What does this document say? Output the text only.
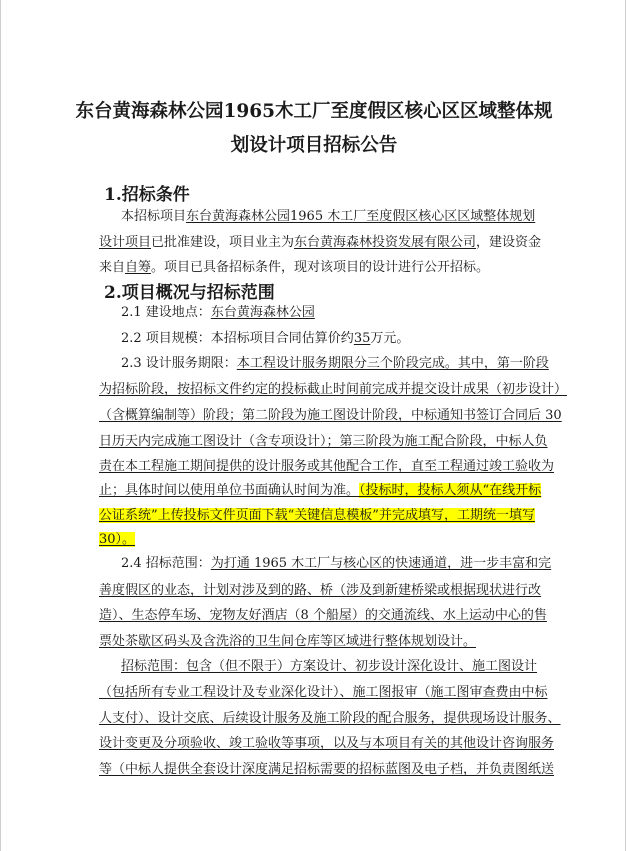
东台黄海森林公园1965木工厂至度假区核心区区域整体规
划设计项目招标公告
1.招标条件
本招标项目东台黄海森林公园1965 木工厂至度假区核心区区域整体规划
设计项目已批准建设，项目业主为东台黄海森林投资发展有限公司，建设资金
来自自筹。项目已具备招标条件，现对该项目的设计进行公开招标。
2.项目概况与招标范围
2.1 建设地点：东台黄海森林公园
2.2 项目规模：本招标项目合同估算价约35万元。
2.3 设计服务期限：本工程设计服务期限分三个阶段完成。其中，第一阶段
为招标阶段，按招标文件约定的投标截止时间前完成并提交设计成果（初步设计）
（含概算编制等）阶段；第二阶段为施工图设计阶段，中标通知书签订合同后 30
日历天内完成施工图设计（含专项设计）；第三阶段为施工配合阶段，中标人负
责在本工程施工期间提供的设计服务或其他配合工作，直至工程通过竣工验收为
止；具体时间以使用单位书面确认时间为准。（投标时，投标人须从“在线开标
公证系统”上传投标文件页面下载“关键信息模板”并完成填写，工期统一填写
30）。
2.4 招标范围：为打通 1965 木工厂与核心区的快速通道，进一步丰富和完
善度假区的业态，计划对涉及到的路、桥（涉及到新建桥梁或根据现状进行改
造）、生态停车场、宠物友好酒店（8 个船屋）的交通流线、水上运动中心的售
票处茶歇区码头及含洗浴的卫生间仓库等区域进行整体规划设计。
招标范围：包含（但不限于）方案设计、初步设计深化设计、施工图设计
（包括所有专业工程设计及专业深化设计）、施工图报审（施工图审查费由中标
人支付）、设计交底、后续设计服务及施工阶段的配合服务，提供现场设计服务、
设计变更及分项验收、竣工验收等事项，以及与本项目有关的其他设计咨询服务
等（中标人提供全套设计深度满足招标需要的招标蓝图及电子档，并负责图纸送
